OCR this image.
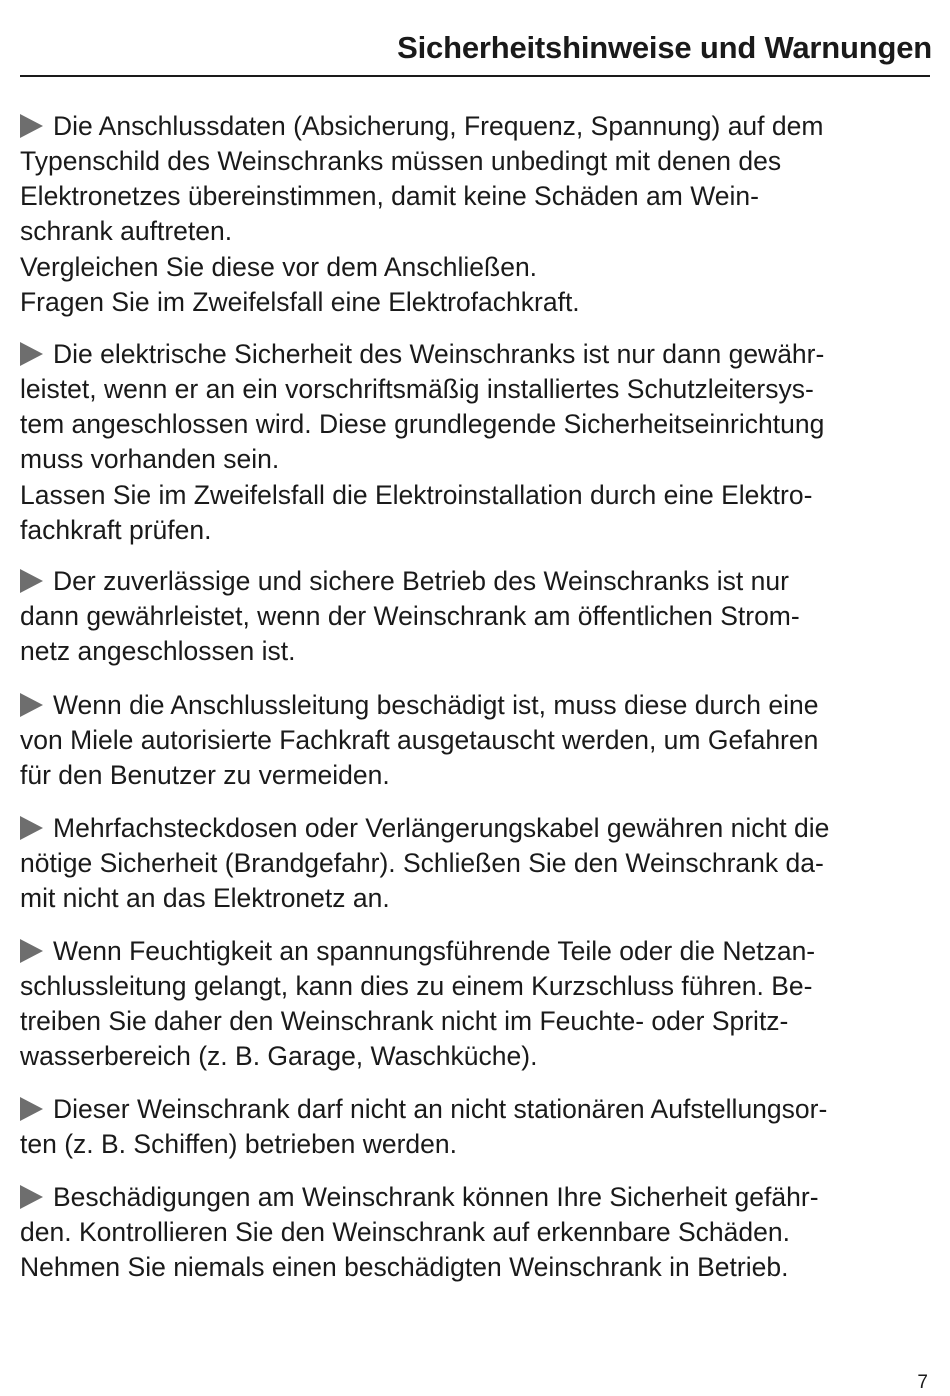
Sicherheitshinweise und Warnungen
Die Anschlussdaten (Absicherung, Frequenz, Spannung) auf dem
Typenschild des Weinschranks müssen unbedingt mit denen des
Elektronetzes übereinstimmen, damit keine Schäden am Wein-
schrank auftreten.
Vergleichen Sie diese vor dem Anschließen.
Fragen Sie im Zweifelsfall eine Elektrofachkraft.
Die elektrische Sicherheit des Weinschranks ist nur dann gewähr-
leistet, wenn er an ein vorschriftsmäßig installiertes Schutzleitersys-
tem angeschlossen wird. Diese grundlegende Sicherheitseinrichtung
muss vorhanden sein.
Lassen Sie im Zweifelsfall die Elektroinstallation durch eine Elektro-
fachkraft prüfen.
Der zuverlässige und sichere Betrieb des Weinschranks ist nur
dann gewährleistet, wenn der Weinschrank am öffentlichen Strom-
netz angeschlossen ist.
Wenn die Anschlussleitung beschädigt ist, muss diese durch eine
von Miele autorisierte Fachkraft ausgetauscht werden, um Gefahren
für den Benutzer zu vermeiden.
Mehrfachsteckdosen oder Verlängerungskabel gewähren nicht die
nötige Sicherheit (Brandgefahr). Schließen Sie den Weinschrank da-
mit nicht an das Elektronetz an.
Wenn Feuchtigkeit an spannungsführende Teile oder die Netzan-
schlussleitung gelangt, kann dies zu einem Kurzschluss führen. Be-
treiben Sie daher den Weinschrank nicht im Feuchte- oder Spritz-
wasserbereich (z. B. Garage, Waschküche).
Dieser Weinschrank darf nicht an nicht stationären Aufstellungsor-
ten (z. B. Schiffen) betrieben werden.
Beschädigungen am Weinschrank können Ihre Sicherheit gefähr-
den. Kontrollieren Sie den Weinschrank auf erkennbare Schäden.
Nehmen Sie niemals einen beschädigten Weinschrank in Betrieb.
7
